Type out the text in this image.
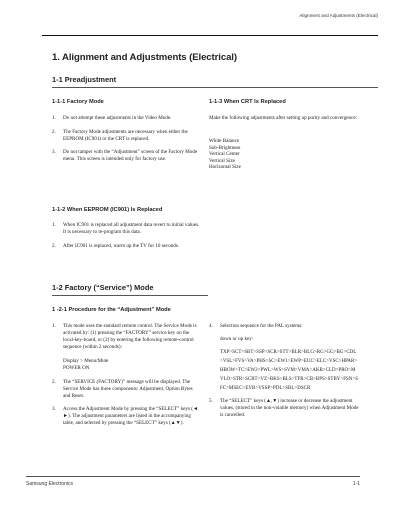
Alignment and Adjustments (Electrical)
1. Alignment and Adjustments (Electrical)
1-1 Preadjustment
1-1-1 Factory Mode
1. Do not attempt these adjustments in the Video Mode.
2. The Factory Mode adjustments are necessary when either the EEPROM (IC901) or the CRT is replaced.
3. Do not tamper with the “Adjustment” screen of the Factory Mode menu. This screen is intended only for factory use.
1-1-2 When EEPROM (IC901) Is Replaced
1. When IC901 is replaced all adjustment data revert to initial values. It is necessary to re-program this data.
2. After IC901 is replaced, warm up the TV for 10 seconds.
1-1-3 When CRT Is Replaced

Make the following adjustments after setting up purity and convergence:

White Balance
Sub-Brightness
Vertical Center
Vertical Size
Horizontal Size
1-2 Factory (“Service”) Mode
1 -2-1 Procedure for the “Adjustment” Mode
1. This mode uses the standard remote control. The Service Mode is activated by: (1) pressing the “FACTORY” service key on the local-key-board, or (2) by entering the following remote-control sequence (within 2 seconds):
Display > Menu/Mute
POWER ON
2. The “SERVICE (FACTORY)” message will be displayed. The Service Mode has three components: Adjustment, Option Bytes and Reset.
3. Access the Adjustment Mode by pressing the “SELECT” keys (◄ ►). The adjustment parameters are listed in the accompanying table, and selected by pressing the “SELECT” keys (▲▼).
4. Selection sequence for the PAL systems:
down or up key:

TXP>SCT>SBT>SSP>SCR>STT>BLR>BLG>RG>GG>BG>CDL>VSL>FVS>VA>PHS>SC>EW1>EWP>EUC>ELC>VSC>HPAR>HBOW>TC>EW2>PWL>WS>SVM>VMA>AKB>CLD>PRO>MVLO>STR>SCBT>VZ>BKS>BLS>TFR>CB>BPS>STBY>FSN>SFC>MSEC>EVB>VSSP>PDL>SBL>DSCR

5. The “SELECT” keys (▲,▼) increase or decrease the adjustment values, (stored in the non-volatile memory) when Adjustment Mode is cancelled.
Samsung Electronics	1-1
